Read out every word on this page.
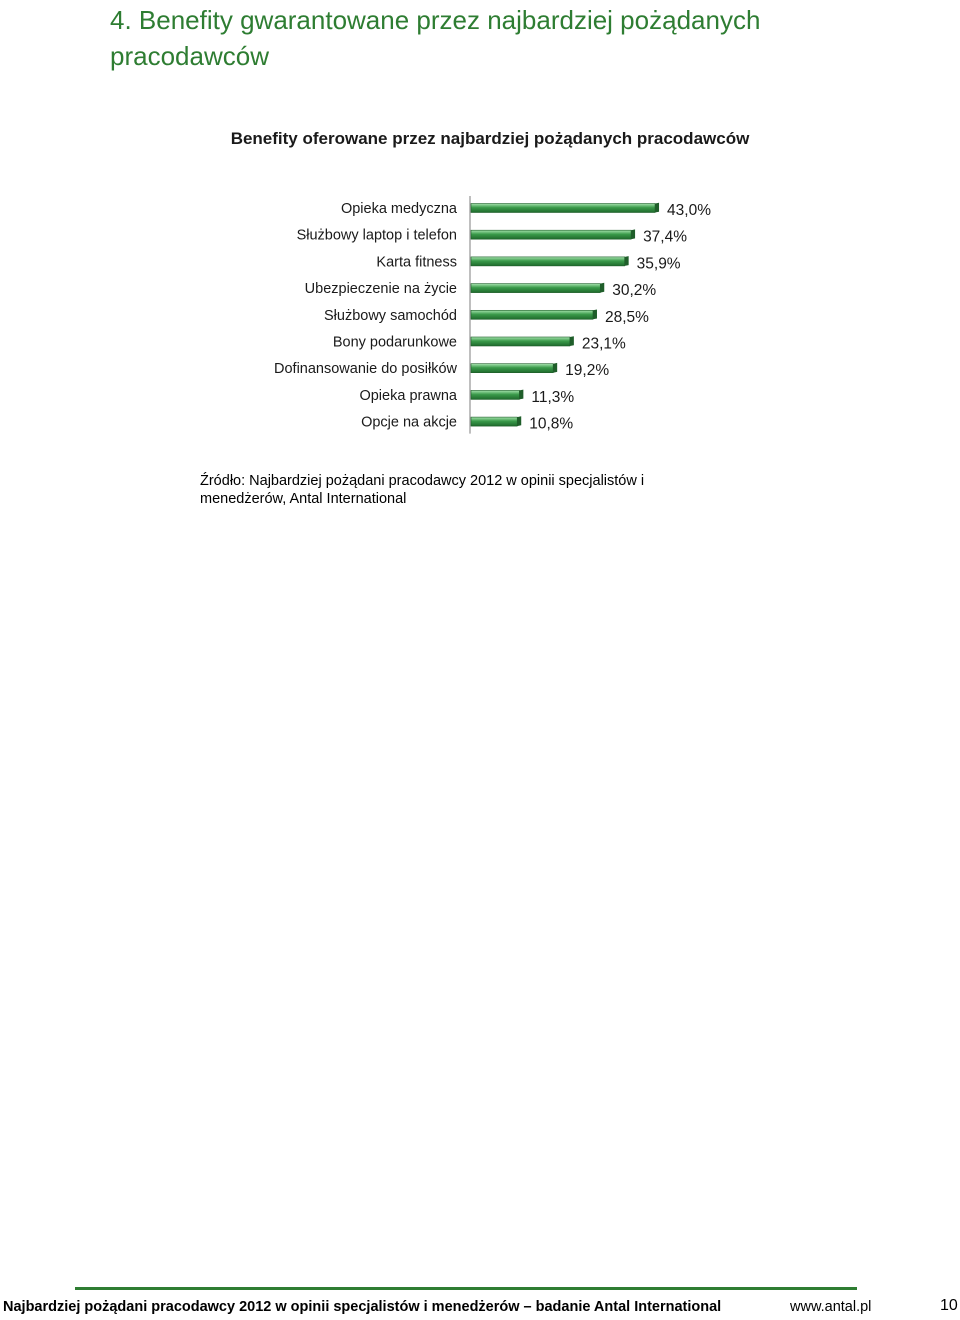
4. Benefity gwarantowane przez najbardziej pożądanych pracodawców
Benefity oferowane przez najbardziej pożądanych pracodawców
Opieka medyczna	43,0%
Służbowy laptop i telefon	37,4%
Karta fitness	35,9%
Ubezpieczenie na życie	30,2%
Służbowy samochód	28,5%
Bony podarunkowe	23,1%
Dofinansowanie do posiłków	19,2%
Opieka prawna	11,3%
Opcje na akcje	10,8%
Źródło: Najbardziej pożądani pracodawcy 2012 w opinii specjalistów i menedżerów, Antal International
Najbardziej pożądani pracodawcy 2012 w opinii specjalistów i menedżerów – badanie Antal International	www.antal.pl	10
